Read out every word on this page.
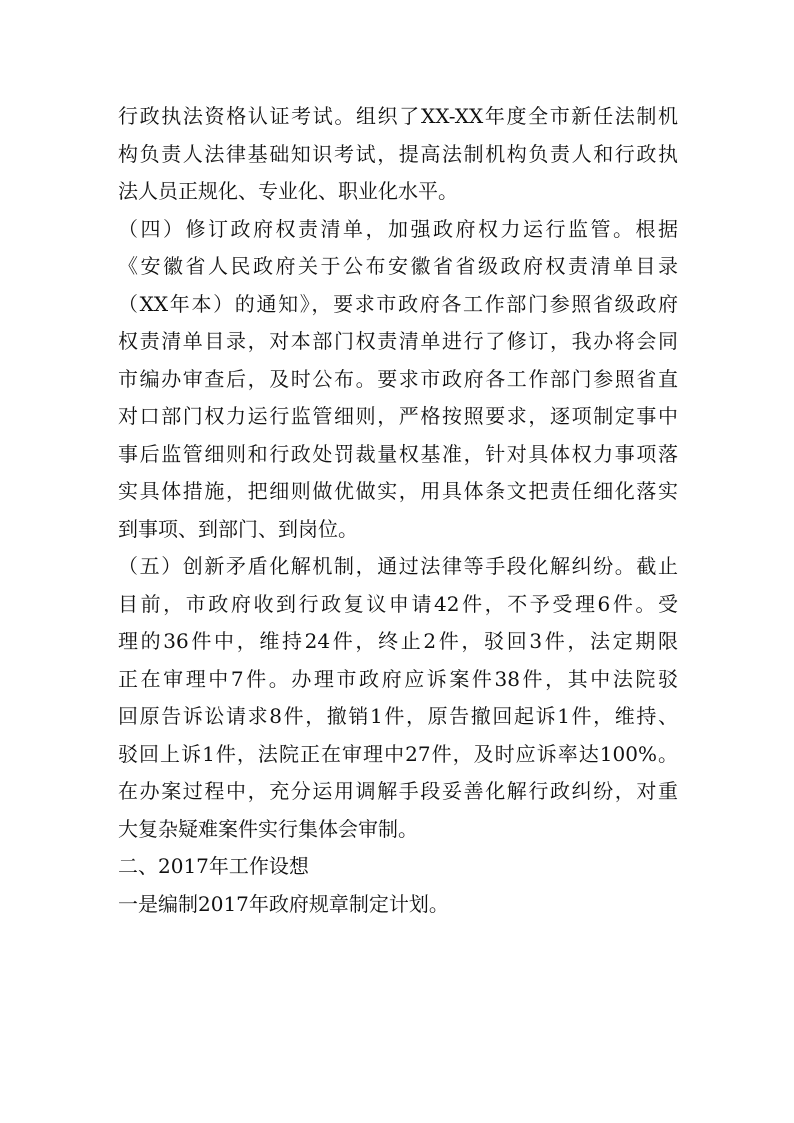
行政执法资格认证考试。组织了XX-XX年度全市新任法制机
构负责人法律基础知识考试，提高法制机构负责人和行政执
法人员正规化、专业化、职业化水平。
（四）修订政府权责清单，加强政府权力运行监管。根据
《安徽省人民政府关于公布安徽省省级政府权责清单目录
（XX年本）的通知》，要求市政府各工作部门参照省级政府
权责清单目录，对本部门权责清单进行了修订，我办将会同
市编办审查后，及时公布。要求市政府各工作部门参照省直
对口部门权力运行监管细则，严格按照要求，逐项制定事中
事后监管细则和行政处罚裁量权基准，针对具体权力事项落
实具体措施，把细则做优做实，用具体条文把责任细化落实
到事项、到部门、到岗位。
（五）创新矛盾化解机制，通过法律等手段化解纠纷。截止
目前，市政府收到行政复议申请42件，不予受理6件。受
理的36件中，维持24件，终止2件，驳回3件，法定期限
正在审理中7件。办理市政府应诉案件38件，其中法院驳
回原告诉讼请求8件，撤销1件，原告撤回起诉1件，维持、
驳回上诉1件，法院正在审理中27件，及时应诉率达100%。
在办案过程中，充分运用调解手段妥善化解行政纠纷，对重
大复杂疑难案件实行集体会审制。
二、2017年工作设想
一是编制2017年政府规章制定计划。
